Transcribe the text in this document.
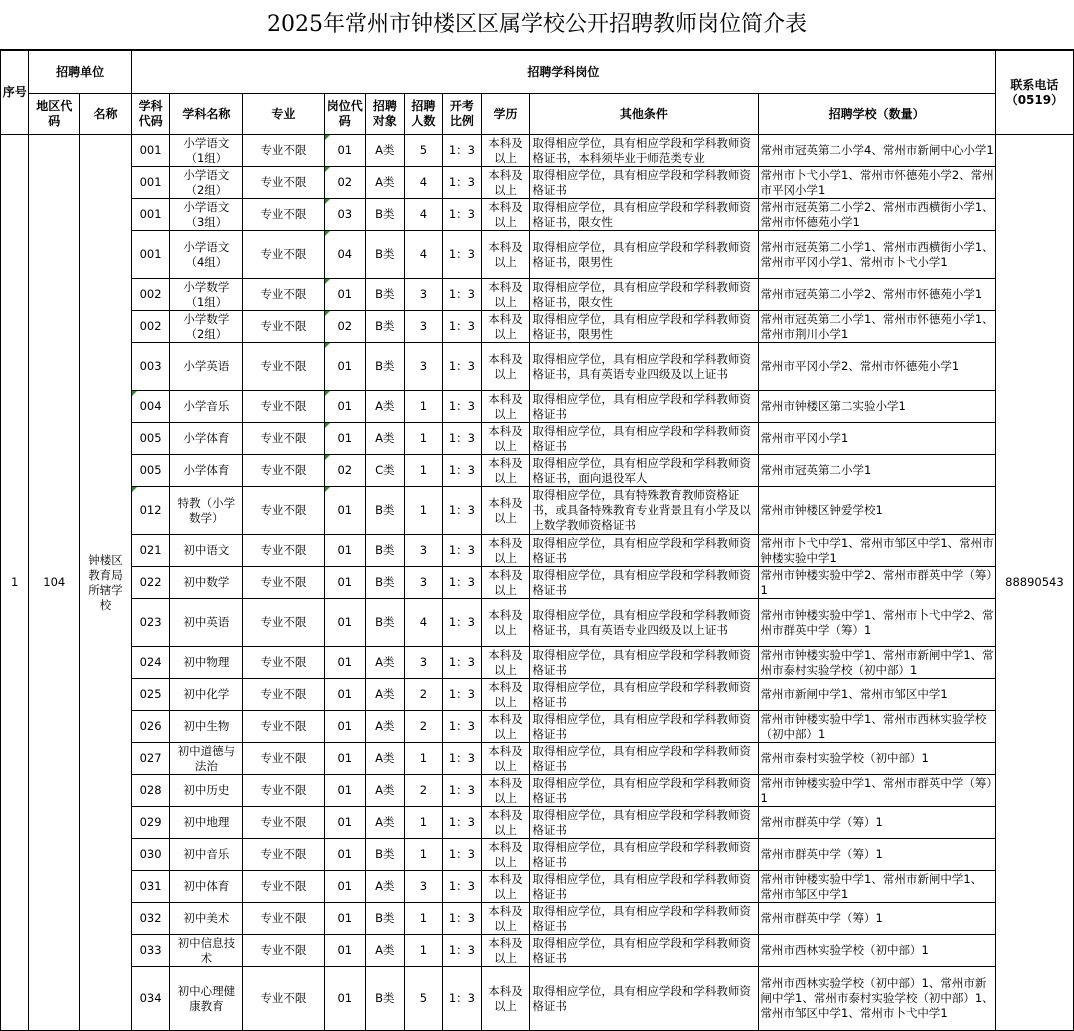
2025年常州市钟楼区区属学校公开招聘教师岗位简介表
序号	招聘单位		招聘学科岗位										联系电话（0519）
	地区代码	名称	学科代码	学科名称	专业	岗位代码	招聘对象	招聘人数	开考比例	学历	其他条件	招聘学校（数量）	
1	104	钟楼区教育局所辖学校	001	小学语文（1组）	专业不限	01	A类	5	1：3	本科及以上	取得相应学位，具有相应学段和学科教师资格证书，本科须毕业于师范类专业	常州市冠英第二小学4、常州市新闸中心小学1	88890543
			001	小学语文（2组）	专业不限	02	A类	4	1：3	本科及以上	取得相应学位，具有相应学段和学科教师资格证书	常州市卜弋小学1、常州市怀德苑小学2、常州市平冈小学1	
			001	小学语文（3组）	专业不限	03	B类	4	1：3	本科及以上	取得相应学位，具有相应学段和学科教师资格证书，限女性	常州市冠英第二小学2、常州市西横街小学1、常州市怀德苑小学1	
			001	小学语文（4组）	专业不限	04	B类	4	1：3	本科及以上	取得相应学位，具有相应学段和学科教师资格证书，限男性	常州市冠英第二小学1、常州市西横街小学1、常州市平冈小学1、常州市卜弋小学1	
			002	小学数学（1组）	专业不限	01	B类	3	1：3	本科及以上	取得相应学位，具有相应学段和学科教师资格证书，限女性	常州市冠英第二小学2、常州市怀德苑小学1	
			002	小学数学（2组）	专业不限	02	B类	3	1：3	本科及以上	取得相应学位，具有相应学段和学科教师资格证书，限男性	常州市冠英第二小学1、常州市怀德苑小学1、常州市荆川小学1	
			003	小学英语	专业不限	01	B类	3	1：3	本科及以上	取得相应学位，具有相应学段和学科教师资格证书，具有英语专业四级及以上证书	常州市平冈小学2、常州市怀德苑小学1	
			004	小学音乐	专业不限	01	A类	1	1：3	本科及以上	取得相应学位，具有相应学段和学科教师资格证书	常州市钟楼区第二实验小学1	
			005	小学体育	专业不限	01	A类	1	1：3	本科及以上	取得相应学位，具有相应学段和学科教师资格证书	常州市平冈小学1	
			005	小学体育	专业不限	02	C类	1	1：3	本科及以上	取得相应学位，具有相应学段和学科教师资格证书，面向退役军人	常州市冠英第二小学1	
			012	特教（小学数学）	专业不限	01	B类	1	1：3	本科及以上	取得相应学位，具有特殊教育教师资格证书，或具备特殊教育专业背景且有小学及以上数学教师资格证书	常州市钟楼区钟爱学校1	
			021	初中语文	专业不限	01	B类	3	1：3	本科及以上	取得相应学位，具有相应学段和学科教师资格证书	常州市卜弋中学1、常州市邹区中学1、常州市钟楼实验中学1	
			022	初中数学	专业不限	01	B类	3	1：3	本科及以上	取得相应学位，具有相应学段和学科教师资格证书	常州市钟楼实验中学2、常州市群英中学（筹）1	
			023	初中英语	专业不限	01	B类	4	1：3	本科及以上	取得相应学位，具有相应学段和学科教师资格证书，具有英语专业四级及以上证书	常州市钟楼实验中学1、常州市卜弋中学2、常州市群英中学（筹）1	
			024	初中物理	专业不限	01	A类	3	1：3	本科及以上	取得相应学位，具有相应学段和学科教师资格证书	常州市钟楼实验中学1、常州市新闸中学1、常州市泰村实验学校（初中部）1	
			025	初中化学	专业不限	01	A类	2	1：3	本科及以上	取得相应学位，具有相应学段和学科教师资格证书	常州市新闸中学1、常州市邹区中学1	
			026	初中生物	专业不限	01	A类	2	1：3	本科及以上	取得相应学位，具有相应学段和学科教师资格证书	常州市钟楼实验中学1、常州市西林实验学校（初中部）1	
			027	初中道德与法治	专业不限	01	A类	1	1：3	本科及以上	取得相应学位，具有相应学段和学科教师资格证书	常州市泰村实验学校（初中部）1	
			028	初中历史	专业不限	01	A类	2	1：3	本科及以上	取得相应学位，具有相应学段和学科教师资格证书	常州市钟楼实验中学1、常州市群英中学（筹）1	
			029	初中地理	专业不限	01	A类	1	1：3	本科及以上	取得相应学位，具有相应学段和学科教师资格证书	常州市群英中学（筹）1	
			030	初中音乐	专业不限	01	B类	1	1：3	本科及以上	取得相应学位，具有相应学段和学科教师资格证书	常州市群英中学（筹）1	
			031	初中体育	专业不限	01	A类	3	1：3	本科及以上	取得相应学位，具有相应学段和学科教师资格证书	常州市钟楼实验中学1、常州市新闸中学1、 常州市邹区中学1	
			032	初中美术	专业不限	01	B类	1	1：3	本科及以上	取得相应学位，具有相应学段和学科教师资格证书	常州市群英中学（筹）1	
			033	初中信息技术	专业不限	01	A类	1	1：3	本科及以上	取得相应学位，具有相应学段和学科教师资格证书	常州市西林实验学校（初中部）1	
			034	初中心理健康教育	专业不限	01	B类	5	1：3	本科及以上	取得相应学位，具有相应学段和学科教师资格证书	常州市西林实验学校（初中部）1、常州市新闸中学1、常州市泰村实验学校（初中部）1、常州市邹区中学1、常州市卜弋中学1	
